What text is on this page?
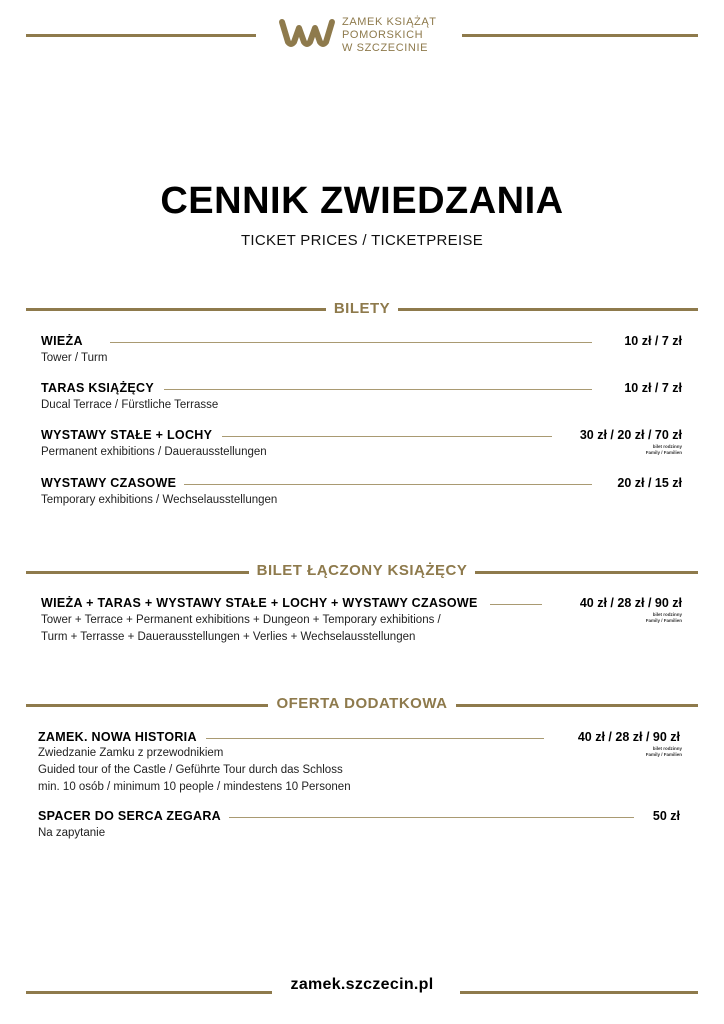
ZAMEK KSIĄŻĄT
POMORSKICH
W SZCZECINIE
CENNIK ZWIEDZANIA
TICKET PRICES / TICKETPREISE
BILETY
WIEŻA	10 zł / 7 zł
Tower / Turm
TARAS KSIĄŻĘCY	10 zł / 7 zł
Ducal Terrace / Fürstliche Terrasse
WYSTAWY STAŁE + LOCHY	30 zł / 20 zł / 70 zł
bilet rodzinny
Family / Familien
Permanent exhibitions / Dauerausstellungen
WYSTAWY CZASOWE	20 zł / 15 zł
Temporary exhibitions / Wechselausstellungen
BILET ŁĄCZONY KSIĄŻĘCY
WIEŻA + TARAS + WYSTAWY STAŁE + LOCHY + WYSTAWY CZASOWE	40 zł / 28 zł / 90 zł
bilet rodzinny
Family / Familien
Tower + Terrace + Permanent exhibitions + Dungeon + Temporary exhibitions /
Turm + Terrasse + Dauerausstellungen + Verlies + Wechselausstellungen
OFERTA DODATKOWA
ZAMEK. NOWA HISTORIA	40 zł / 28 zł / 90 zł
bilet rodzinny
Family / Familien
Zwiedzanie Zamku z przewodnikiem
Guided tour of the Castle / Geführte Tour durch das Schloss
min. 10 osób / minimum 10 people / mindestens 10 Personen
SPACER DO SERCA ZEGARA	50 zł
Na zapytanie
zamek.szczecin.pl
